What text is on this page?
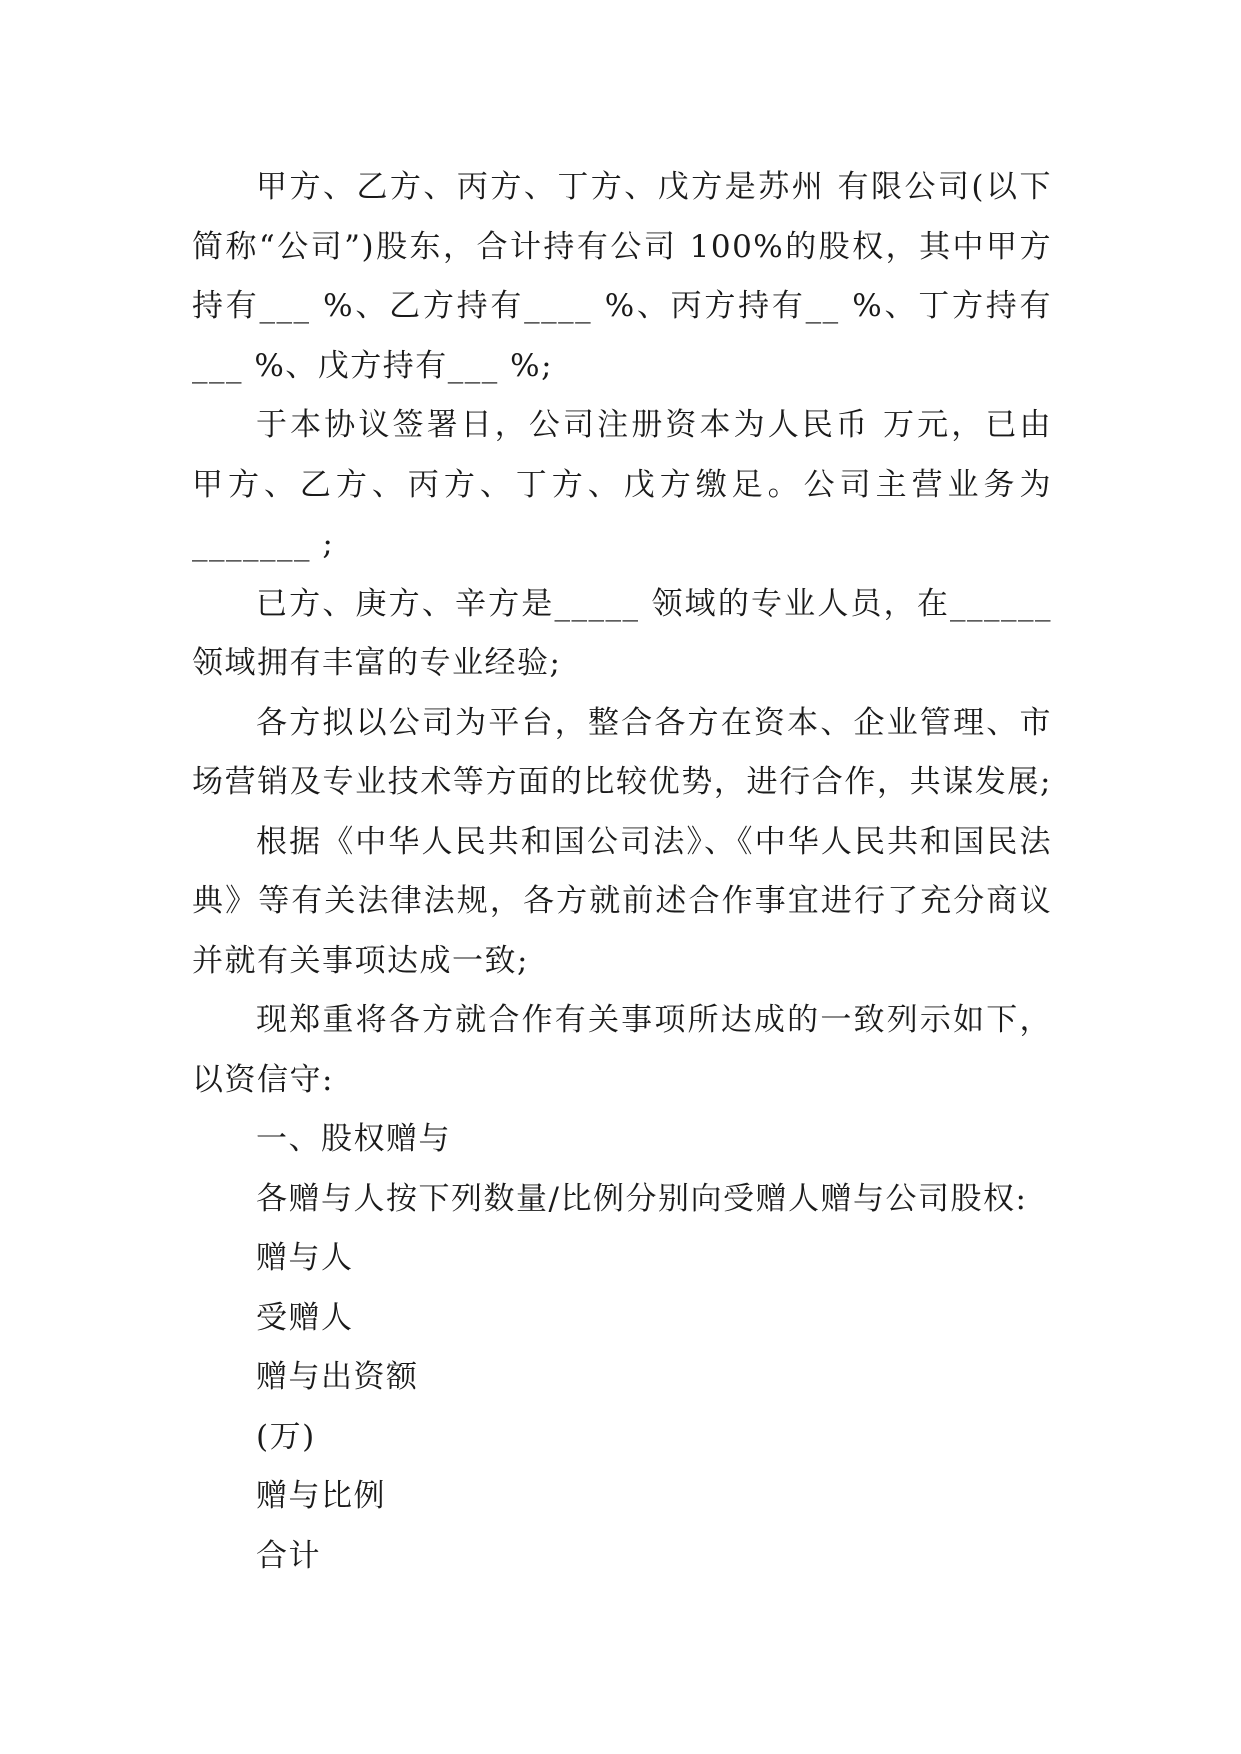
甲方、乙方、丙方、丁方、戊方是苏州 有限公司(以下
简称“公司”)股东，合计持有公司 100%的股权，其中甲方
持有___ %、乙方持有____ %、丙方持有__ %、丁方持有
___ %、戊方持有___ %;
于本协议签署日，公司注册资本为人民币 万元，已由
甲方、乙方、丙方、丁方、戊方缴足。公司主营业务为
_______ ;
已方、庚方、辛方是_____ 领域的专业人员，在______
领域拥有丰富的专业经验;
各方拟以公司为平台，整合各方在资本、企业管理、市
场营销及专业技术等方面的比较优势，进行合作，共谋发展;
根据《中华人民共和国公司法》、《中华人民共和国民法
典》等有关法律法规，各方就前述合作事宜进行了充分商议
并就有关事项达成一致;
现郑重将各方就合作有关事项所达成的一致列示如下，
以资信守:
一、股权赠与
各赠与人按下列数量/比例分别向受赠人赠与公司股权:
赠与人
受赠人
赠与出资额
(万)
赠与比例
合计
